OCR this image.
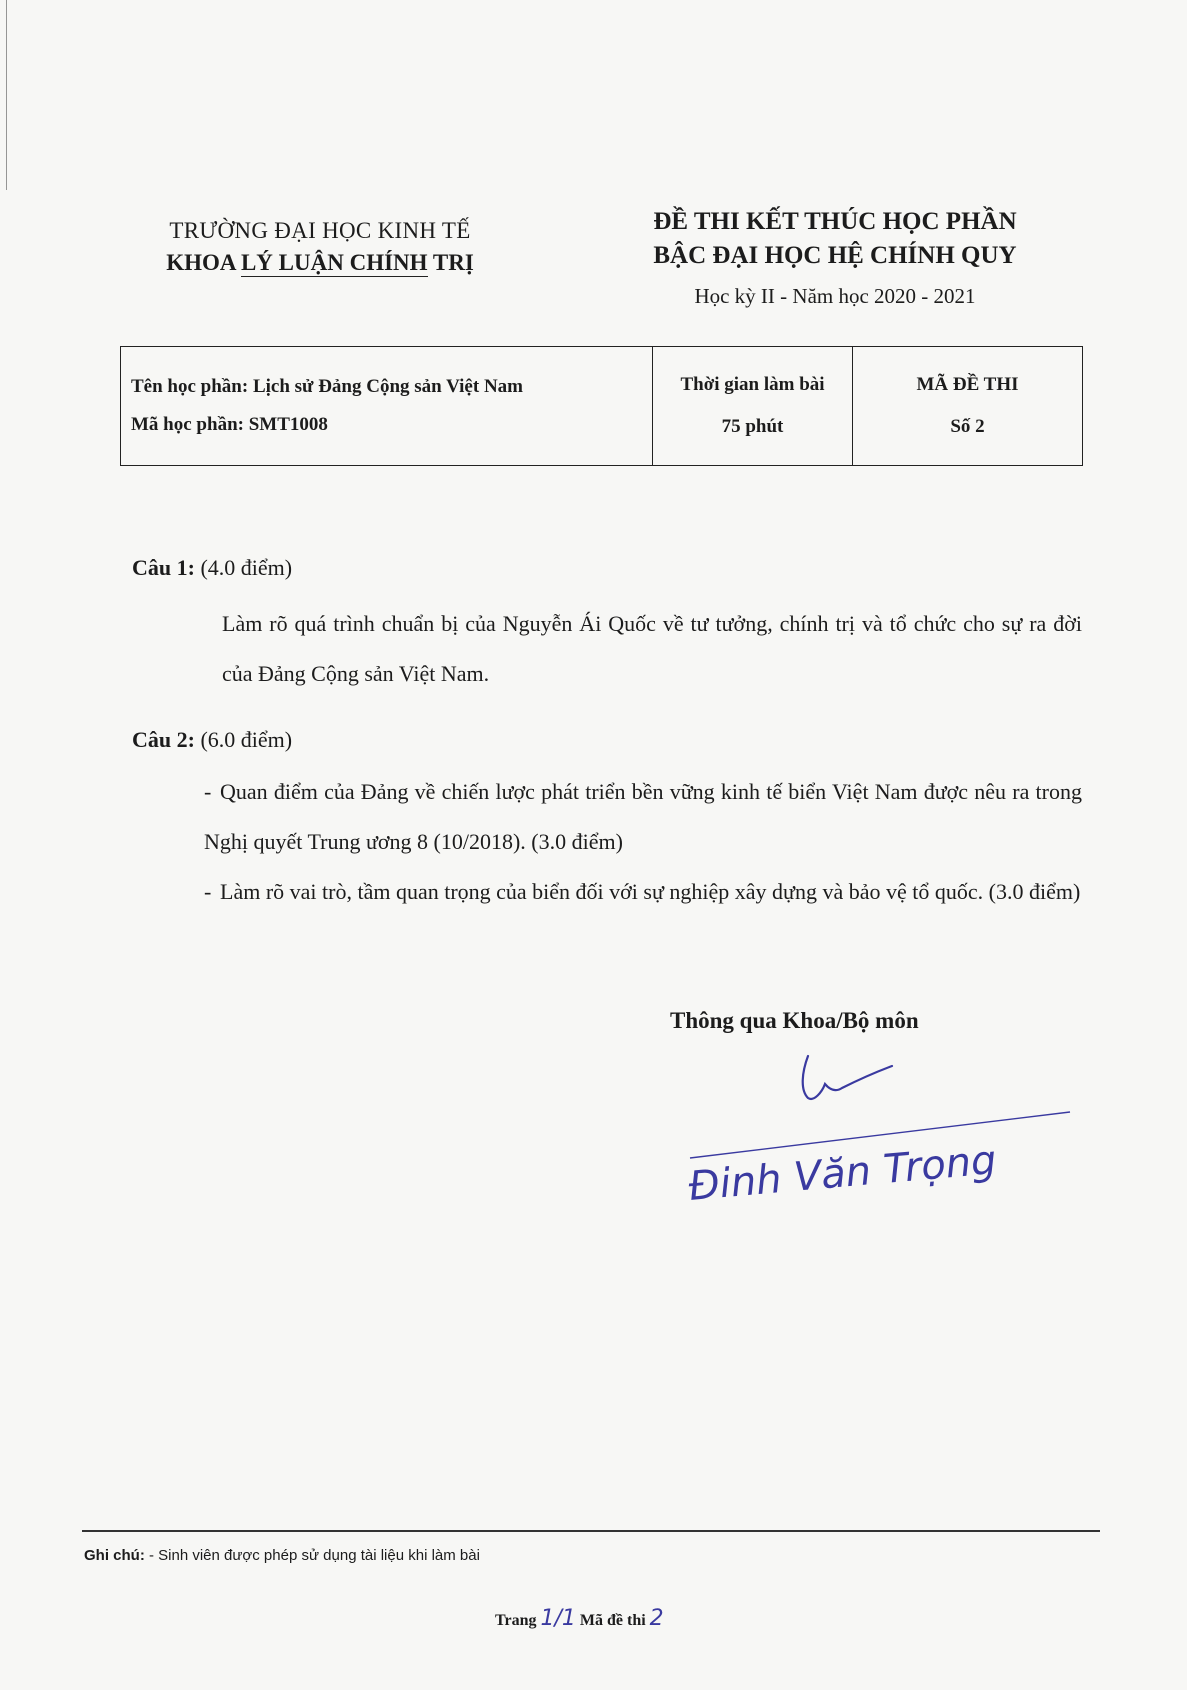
TRƯỜNG ĐẠI HỌC KINH TẾ
KHOA LÝ LUẬN CHÍNH TRỊ
ĐỀ THI KẾT THÚC HỌC PHẦN
BẬC ĐẠI HỌC HỆ CHÍNH QUY
Học kỳ II - Năm học 2020 - 2021
Tên học phần: Lịch sử Đảng Cộng sản Việt Nam
Mã học phần: SMT1008

Thời gian làm bài
75 phút

MÃ ĐỀ THI
Số 2
Câu 1: (4.0 điểm)
Làm rõ quá trình chuẩn bị của Nguyễn Ái Quốc về tư tưởng, chính trị và tổ chức cho sự ra đời của Đảng Cộng sản Việt Nam.
Câu 2: (6.0 điểm)
- Quan điểm của Đảng về chiến lược phát triển bền vững kinh tế biển Việt Nam được nêu ra trong Nghị quyết Trung ương 8 (10/2018). (3.0 điểm)
- Làm rõ vai trò, tầm quan trọng của biển đối với sự nghiệp xây dựng và bảo vệ tổ quốc. (3.0 điểm)
Thông qua Khoa/Bộ môn
Đinh Văn Trọng
Ghi chú: - Sinh viên được phép sử dụng tài liệu khi làm bài
Trang 1/1 Mã đề thi 2
